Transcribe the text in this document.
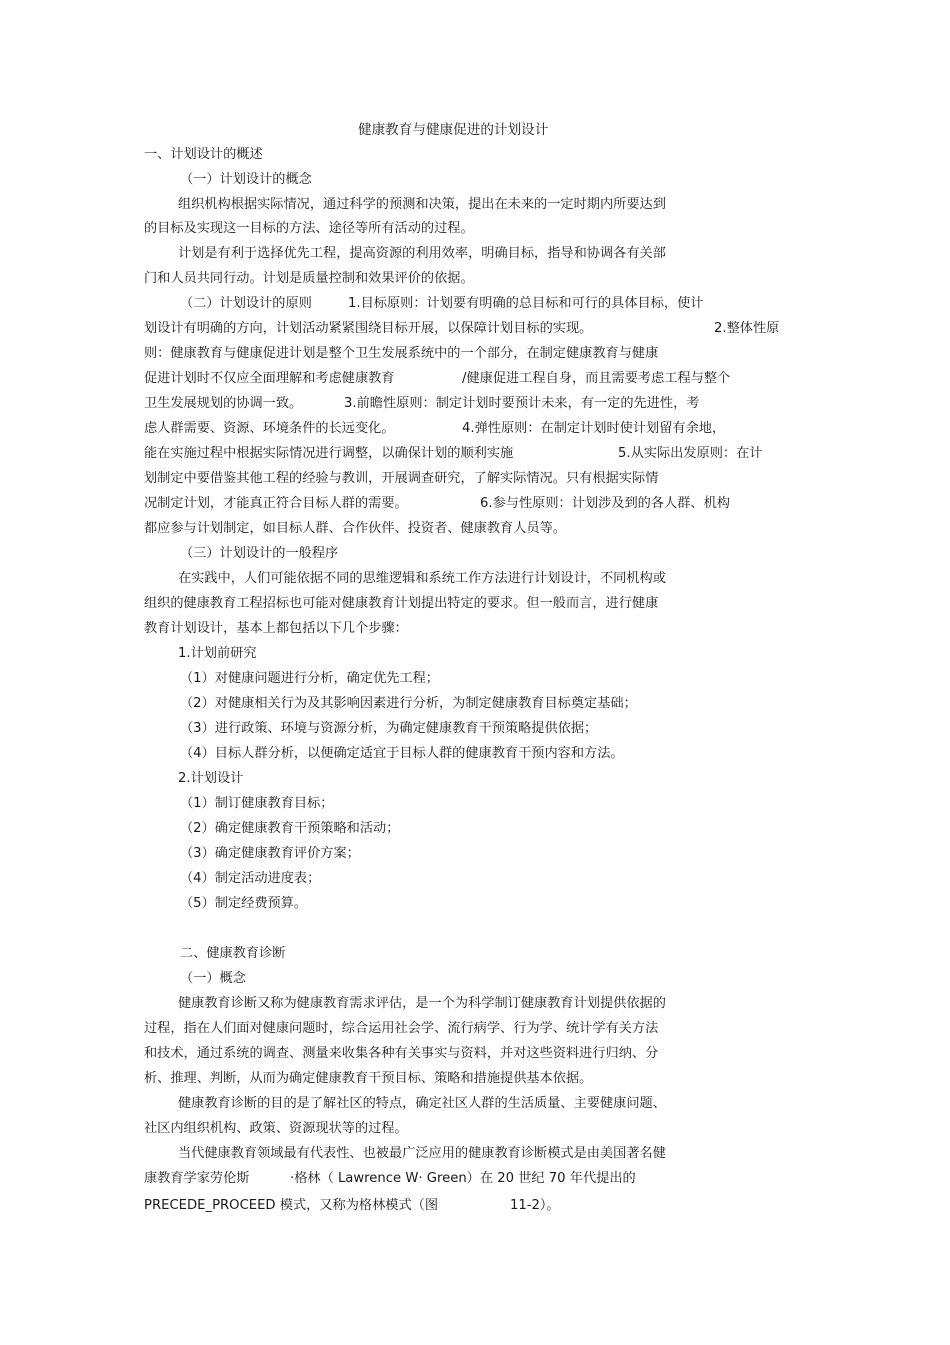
健康教育与健康促进的计划设计
一、计划设计的概述
（一）计划设计的概念
组织机构根据实际情况，通过科学的预测和决策，提出在未来的一定时期内所要达到
的目标及实现这一目标的方法、途径等所有活动的过程。
计划是有利于选择优先工程，提高资源的利用效率，明确目标，指导和协调各有关部
门和人员共同行动。计划是质量控制和效果评价的依据。
（二）计划设计的原则	1.目标原则：计划要有明确的总目标和可行的具体目标，使计
划设计有明确的方向，计划活动紧紧围绕目标开展，以保障计划目标的实现。	2.整体性原
则：健康教育与健康促进计划是整个卫生发展系统中的一个部分，在制定健康教育与健康
促进计划时不仅应全面理解和考虑健康教育	/健康促进工程自身，而且需要考虑工程与整个
卫生发展规划的协调一致。	3.前瞻性原则：制定计划时要预计未来，有一定的先进性，考
虑人群需要、资源、环境条件的长远变化。	4.弹性原则：在制定计划时使计划留有余地，
能在实施过程中根据实际情况进行调整，以确保计划的顺利实施	5.从实际出发原则：在计
划制定中要借鉴其他工程的经验与教训，开展调查研究，了解实际情况。只有根据实际情
况制定计划，才能真正符合目标人群的需要。	6.参与性原则：计划涉及到的各人群、机构
都应参与计划制定，如目标人群、合作伙伴、投资者、健康教育人员等。
（三）计划设计的一般程序
在实践中，人们可能依据不同的思维逻辑和系统工作方法进行计划设计，不同机构或
组织的健康教育工程招标也可能对健康教育计划提出特定的要求。但一般而言，进行健康
教育计划设计，基本上都包括以下几个步骤：
1.计划前研究
（1）对健康问题进行分析，确定优先工程；
（2）对健康相关行为及其影响因素进行分析，为制定健康教育目标奠定基础；
（3）进行政策、环境与资源分析，为确定健康教育干预策略提供依据；
（4）目标人群分析，以便确定适宜于目标人群的健康教育干预内容和方法。
2.计划设计
（1）制订健康教育目标；
（2）确定健康教育干预策略和活动；
（3）确定健康教育评价方案；
（4）制定活动进度表；
（5）制定经费预算。
二、健康教育诊断
（一）概念
健康教育诊断又称为健康教育需求评估，是一个为科学制订健康教育计划提供依据的
过程，指在人们面对健康问题时，综合运用社会学、流行病学、行为学、统计学有关方法
和技术，通过系统的调查、测量来收集各种有关事实与资料，并对这些资料进行归纳、分
析、推理、判断，从而为确定健康教育干预目标、策略和措施提供基本依据。
健康教育诊断的目的是了解社区的特点，确定社区人群的生活质量、主要健康问题、
社区内组织机构、政策、资源现状等的过程。
当代健康教育领域最有代表性、也被最广泛应用的健康教育诊断模式是由美国著名健
康教育学家劳伦斯	·格林（ Lawrence W· Green）在 20 世纪 70 年代提出的
PRECEDE_PROCEED 模式，又称为格林模式（图	11-2）。
